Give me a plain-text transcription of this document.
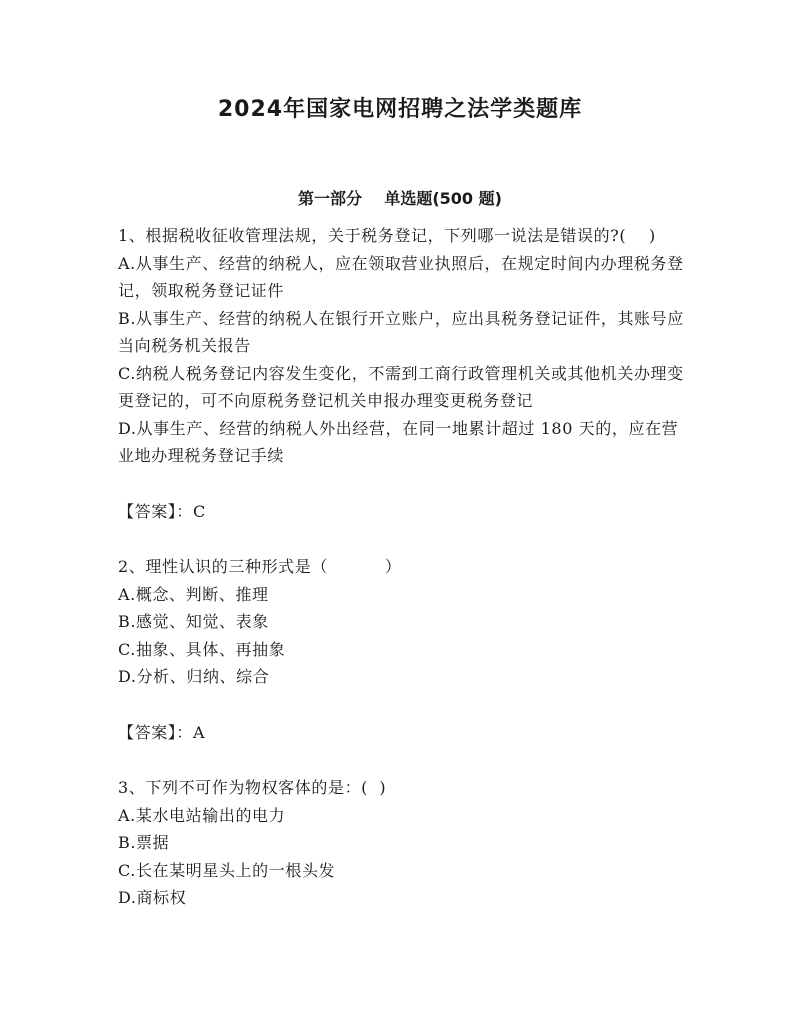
2024年国家电网招聘之法学类题库
第一部分    单选题(500 题)

1、根据税收征收管理法规，关于税务登记，下列哪一说法是错误的?(    )

A.从事生产、经营的纳税人，应在领取营业执照后，在规定时间内办理税务登记，领取税务登记证件

B.从事生产、经营的纳税人在银行开立账户，应出具税务登记证件，其账号应当向税务机关报告

C.纳税人税务登记内容发生变化，不需到工商行政管理机关或其他机关办理变更登记的，可不向原税务登记机关申报办理变更税务登记

D.从事生产、经营的纳税人外出经营，在同一地累计超过 180 天的，应在营业地办理税务登记手续

【答案】：C

2、理性认识的三种形式是（          ）

A.概念、判断、推理

B.感觉、知觉、表象

C.抽象、具体、再抽象

D.分析、归纳、综合

【答案】：A

3、下列不可作为物权客体的是：(  )

A.某水电站输出的电力

B.票据

C.长在某明星头上的一根头发

D.商标权
